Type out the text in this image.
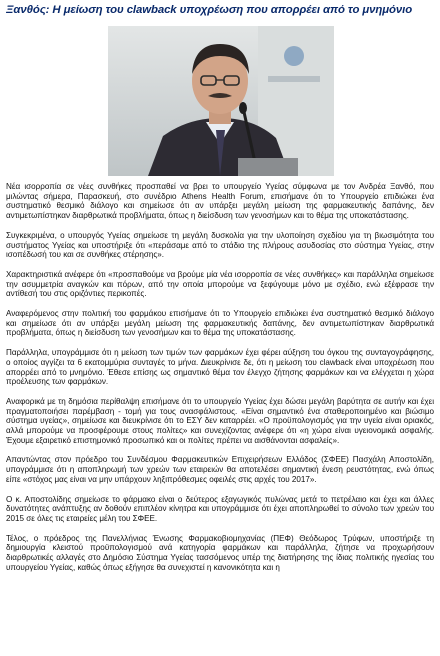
Ξανθός: Η μείωση του clawback υποχρέωση που απορρέει από το μνημόνιο

Νέα ισορροπία σε νέες συνθήκες προσπαθεί να βρει το υπουργείο Υγείας σύμφωνα με τον Ανδρέα Ξανθό, που μιλώντας σήμερα, Παρασκευή, στο συνέδριο Athens Health Forum, επισήμανε ότι το Υπουργείο επιδιώκει ένα συστηματικό θεσμικό διάλογο και σημείωσε ότι αν υπάρξει μεγάλη μείωση της φαρμακευτικής δαπάνης, δεν αντιμετωπίστηκαν διαρθρωτικά προβλήματα, όπως η διείσδυση των γενοσήμων και το θέμα της υποκατάστασης.

Συγκεκριμένα, ο υπουργός Υγείας σημείωσε τη μεγάλη δυσκολία για την υλοποίηση σχεδίου για τη βιωσιμότητα του συστήματος Υγείας και υποστήριξε ότι «περάσαμε από το στάδιο της πλήρους ασυδοσίας στο σύστημα Υγείας, στην ισοπέδωσή του και σε συνθήκες στέρησης».

Χαρακτηριστικά ανέφερε ότι «προσπαθούμε να βρούμε μία νέα ισορροπία σε νέες συνθήκες» και παράλληλα σημείωσε την ασυμμετρία αναγκών και πόρων, από την οποία μπορούμε να ξεφύγουμε μόνο με σχέδιο, ενώ εξέφρασε την αντίθεσή του στις οριζόντιες περικοπές.

Αναφερόμενος στην πολιτική του φαρμάκου επισήμανε ότι το Υπουργείο επιδιώκει ένα συστηματικό θεσμικό διάλογο και σημείωσε ότι αν υπάρξει μεγάλη μείωση της φαρμακευτικής δαπάνης, δεν αντιμετωπίστηκαν διαρθρωτικά προβλήματα, όπως η διείσδυση των γενοσήμων και το θέμα της υποκατάστασης.

Παράλληλα, υπογράμμισε ότι η μείωση των τιμών των φαρμάκων έχει φέρει αύξηση του όγκου της συνταγογράφησης, ο οποίος αγγίζει τα 6 εκατομμύρια συνταγές το μήνα. Διευκρίνισε δε, ότι η μείωση του clawback είναι υποχρέωση που απορρέει από το μνημόνιο. Έθεσε επίσης ως σημαντικό θέμα τον έλεγχο ζήτησης φαρμάκων και να ελέγχεται η χώρα προέλευσης των φαρμάκων.

Αναφορικά με τη δημόσια περίθαλψη επισήμανε ότι το υπουργείο Υγείας έχει δώσει μεγάλη βαρύτητα σε αυτήν και έχει πραγματοποιήσει παρέμβαση - τομή για τους ανασφάλιστους. «Είναι σημαντικό ένα σταθεροποιημένο και βιώσιμο σύστημα υγείας», σημείωσε και διευκρίνισε ότι το ΕΣΥ δεν καταρρέει. «Ο προϋπολογισμός για την υγεία είναι οριακός, αλλά μπορούμε να προσφέρουμε στους πολίτες» και συνεχίζοντας ανέφερε ότι «η χώρα είναι υγειονομικά ασφαλής. Έχουμε εξαιρετικό επιστημονικό προσωπικό και οι πολίτες πρέπει να αισθάνονται ασφαλείς».

Απαντώντας στον πρόεδρο του Συνδέσμου Φαρμακευτικών Επιχειρήσεων Ελλάδος (ΣΦΕΕ) Πασχάλη Αποστολίδη, υπογράμμισε ότι η αποπληρωμή των χρεών των εταιρειών θα αποτελέσει σημαντική ένεση ρευστότητας, ενώ όπως είπε «στόχος μας είναι να μην υπάρχουν ληξιπρόθεσμες οφειλές στις αρχές του 2017».

Ο κ. Αποστολίδης σημείωσε το φάρμακο είναι ο δεύτερος εξαγωγικός πυλώνας μετά το πετρέλαιο και έχει και άλλες δυνατότητες ανάπτυξης αν δοθούν επιπλέον κίνητρα και υπογράμμισε ότι έχει αποπληρωθεί το σύνολο των χρεών του 2015 σε όλες τις εταιρείες μέλη του ΣΦΕΕ.

Τέλος, ο πρόεδρος της Πανελλήνιας Ένωσης Φαρμακοβιομηχανίας (ΠΕΦ) Θεόδωρος Τρύφων, υποστήριξε τη δημιουργία κλειστού προϋπολογισμού ανά κατηγορία φαρμάκων και παράλληλα, ζήτησε να προχωρήσουν διαρθρωτικές αλλαγές στο Δημόσιο Σύστημα Υγείας τασσόμενος υπέρ της διατήρησης της ίδιας πολιτικής ηγεσίας του υπουργείου Υγείας, καθώς όπως εξήγησε θα συνεχιστεί η κανονικότητα και η
